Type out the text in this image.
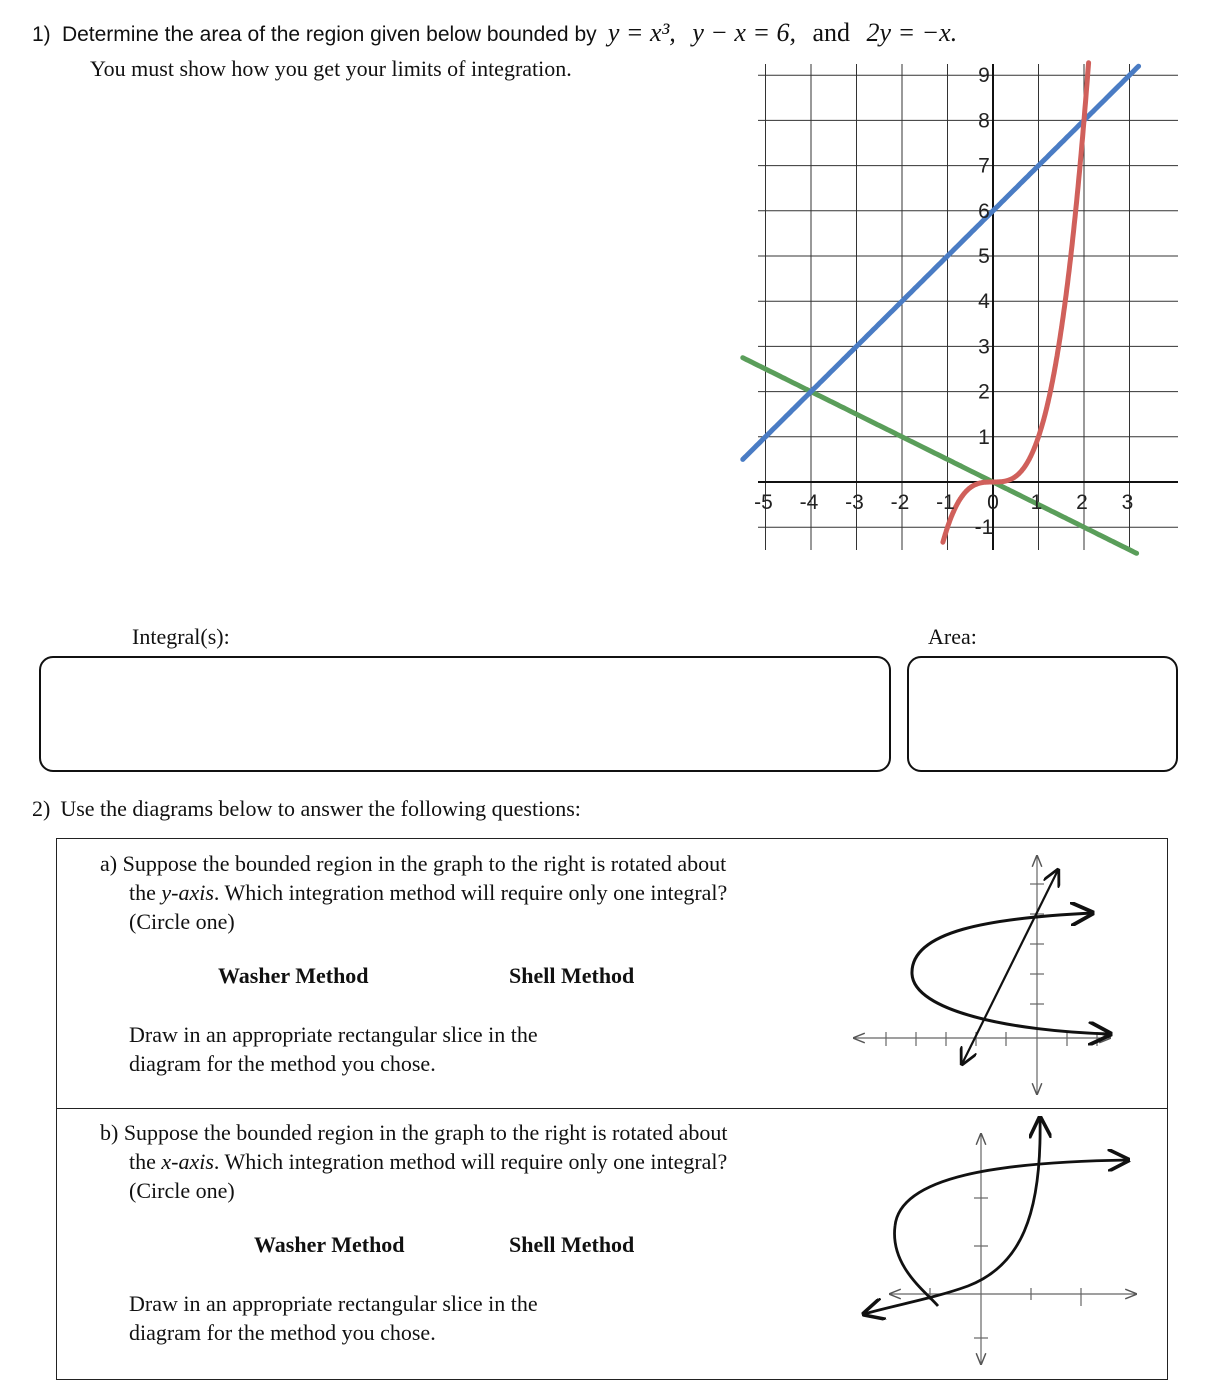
1) Determine the area of the region given below bounded by y = x³, y − x = 6, and 2y = −x.
You must show how you get your limits of integration.
-5 -4 -3 -2 -1 0 1 2 3
9
8
7
6
5
4
3
2
1
-1
Integral(s):	Area:
2) Use the diagrams below to answer the following questions:
a) Suppose the bounded region in the graph to the right is rotated about
the y-axis. Which integration method will require only one integral?
(Circle one)
Washer Method	Shell Method
Draw in an appropriate rectangular slice in the
diagram for the method you chose.
b) Suppose the bounded region in the graph to the right is rotated about
the x-axis. Which integration method will require only one integral?
(Circle one)
Washer Method	Shell Method
Draw in an appropriate rectangular slice in the
diagram for the method you chose.
